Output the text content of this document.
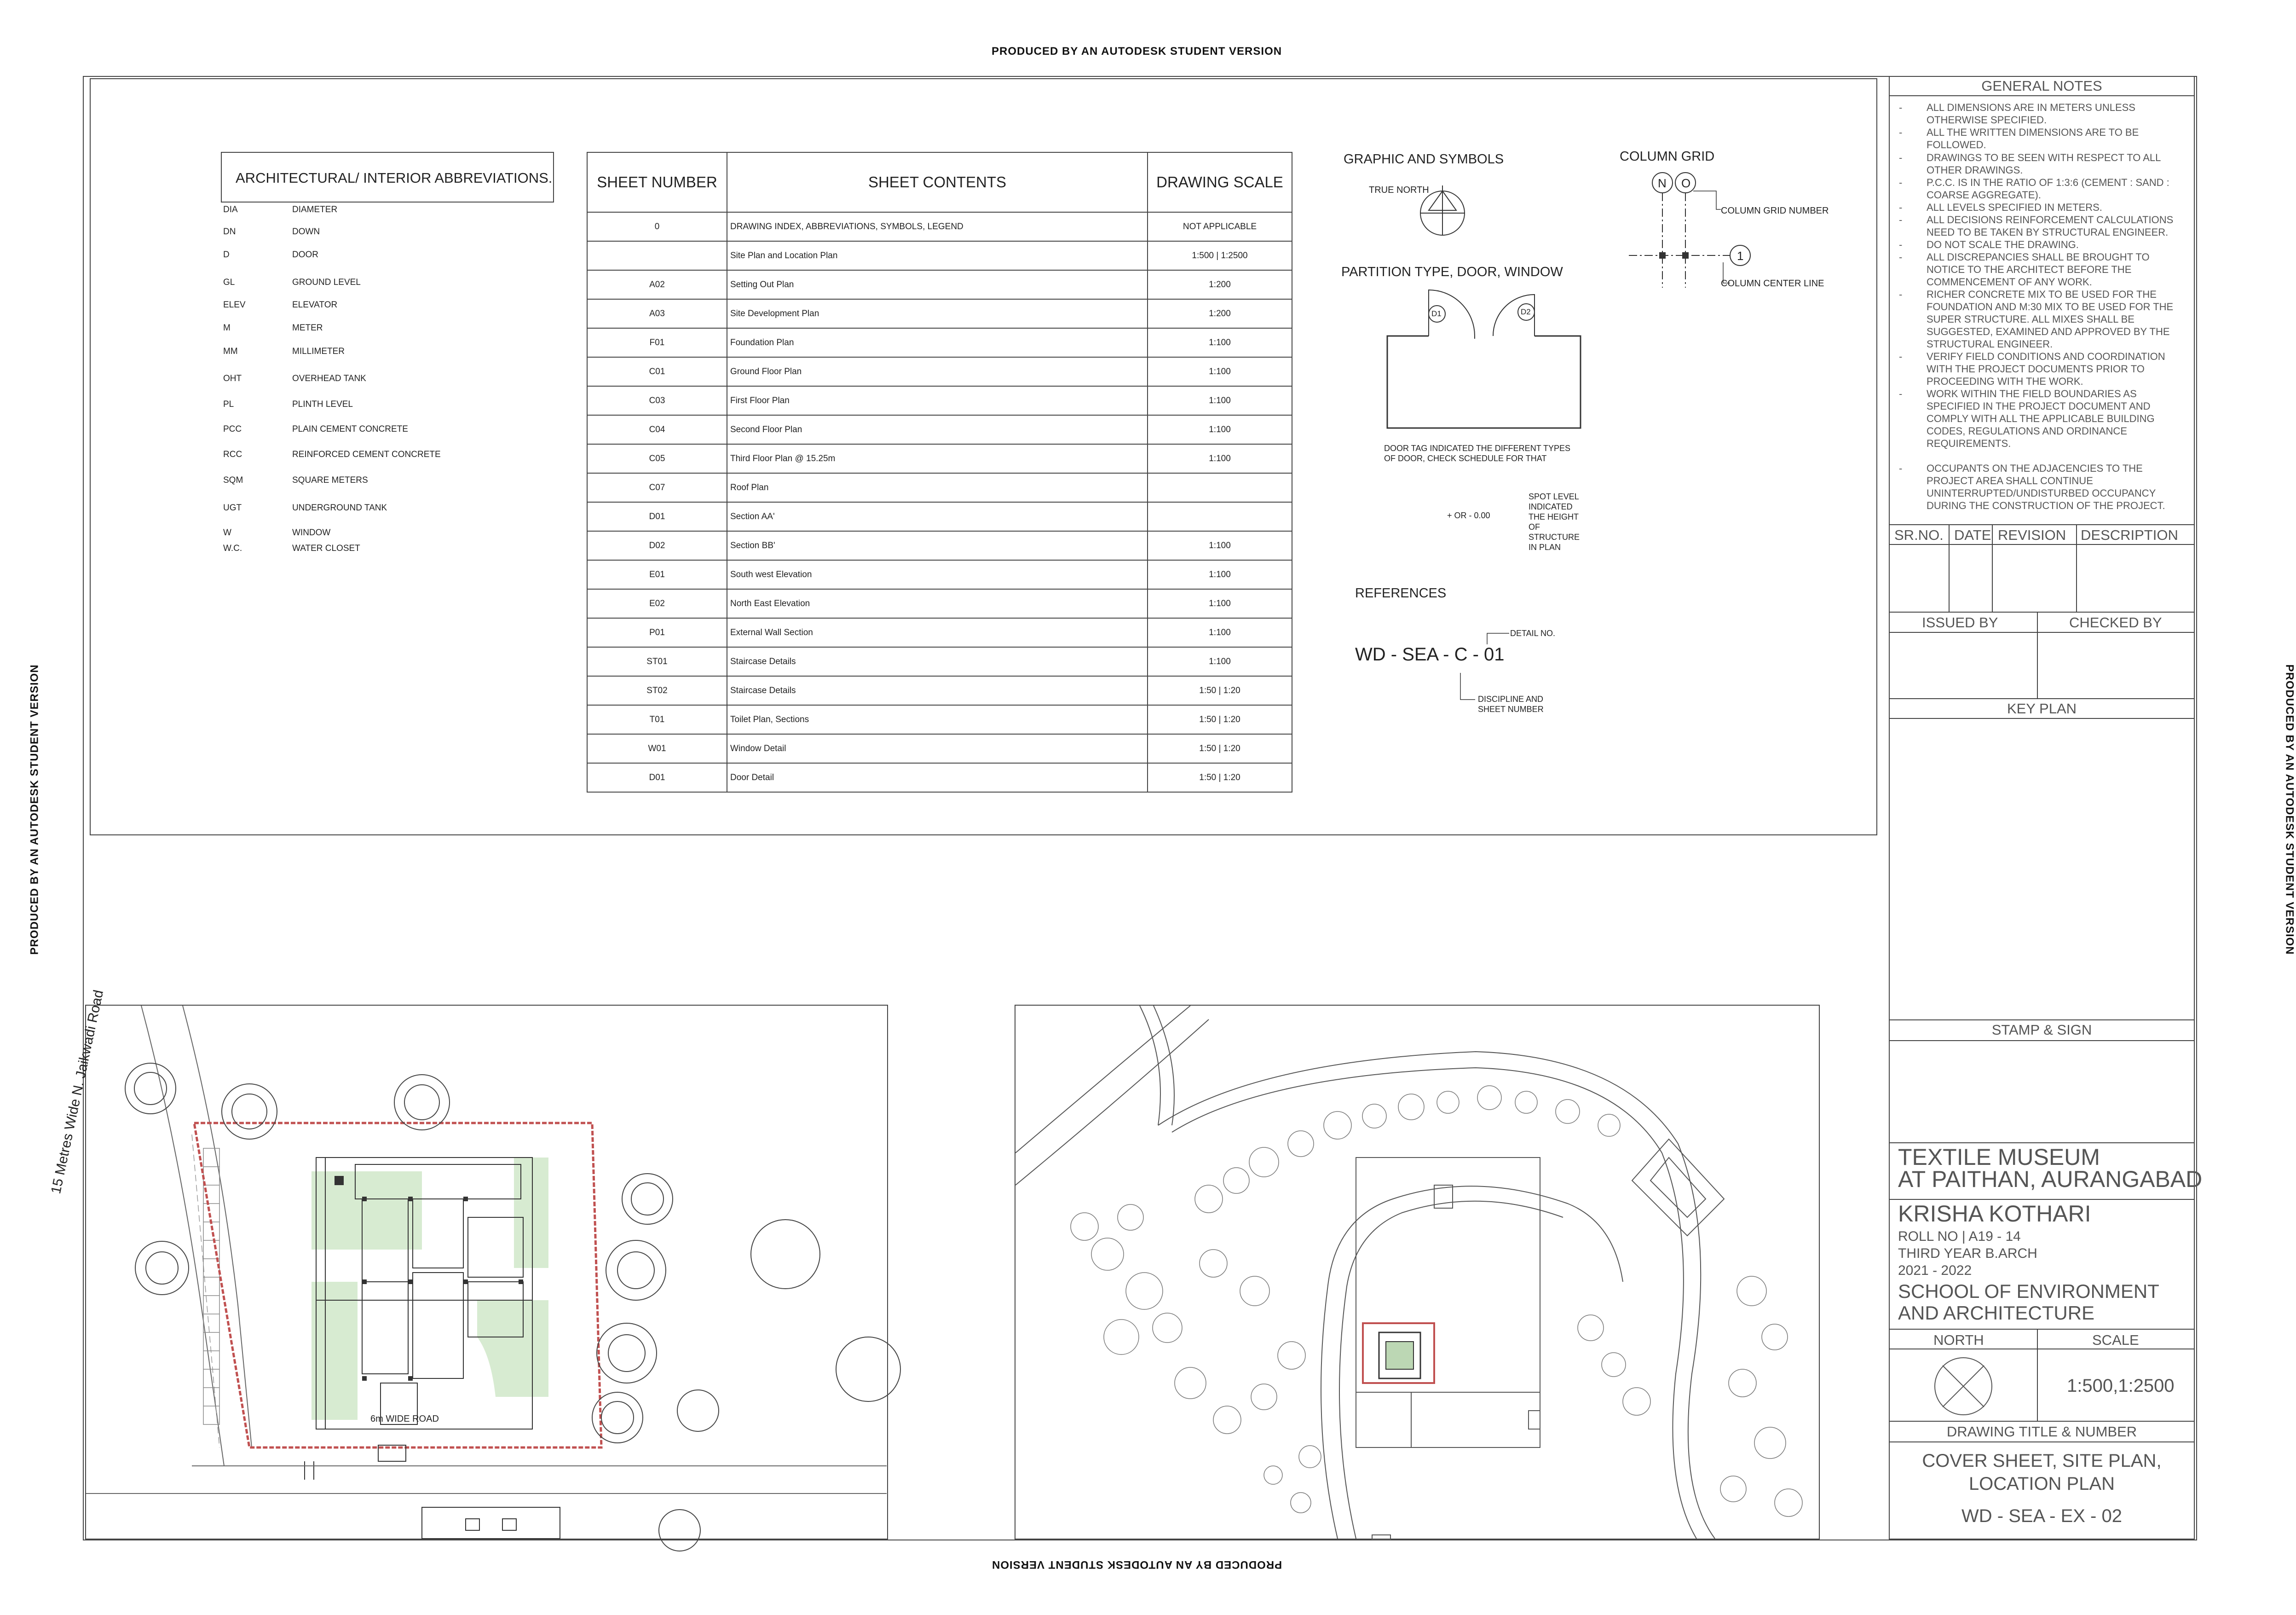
PRODUCED BY AN AUTODESK STUDENT VERSION
PRODUCED BY AN AUTODESK STUDENT VERSION
PRODUCED BY AN AUTODESK STUDENT VERSION	PRODUCED BY AN AUTODESK STUDENT VERSION
ARCHITECTURAL/ INTERIOR ABBREVIATIONS.
DIA	DIAMETER
DN	DOWN
D	DOOR
GL	GROUND LEVEL
ELEV	ELEVATOR
M	METER
MM	MILLIMETER
OHT	OVERHEAD TANK
PL	PLINTH LEVEL
PCC	PLAIN CEMENT CONCRETE
RCC	REINFORCED CEMENT CONCRETE
SQM	SQUARE METERS
UGT	UNDERGROUND TANK
W	WINDOW
W.C.	WATER CLOSET
SHEET NUMBER	SHEET CONTENTS	DRAWING SCALE
0	DRAWING INDEX, ABBREVIATIONS, SYMBOLS, LEGEND	NOT APPLICABLE
	Site Plan and Location Plan	1:500 | 1:2500
A02	Setting Out Plan	1:200
A03	Site Development Plan	1:200
F01	Foundation Plan	1:100
C01	Ground Floor Plan	1:100
C03	First Floor Plan	1:100
C04	Second Floor Plan	1:100
C05	Third Floor Plan @ 15.25m	1:100
C07	Roof Plan	
D01	Section AA'	
D02	Section BB'	1:100
E01	South west Elevation	1:100
E02	North East Elevation	1:100
P01	External Wall Section	1:100
ST01	Staircase Details	1:100
ST02	Staircase Details	1:50 | 1:20
T01	Toilet Plan, Sections	1:50 | 1:20
W01	Window Detail	1:50 | 1:20
D01	Door Detail	1:50 | 1:20
GRAPHIC AND SYMBOLS
TRUE NORTH
COLUMN GRID
N O
1
COLUMN GRID NUMBER
COLUMN CENTER LINE
PARTITION TYPE, DOOR, WINDOW
D1	D2
DOOR TAG INDICATED THE DIFFERENT TYPES
OF DOOR, CHECK SCHEDULE FOR THAT
+ OR - 0.00
SPOT LEVEL
INDICATED
THE HEIGHT
OF
STRUCTURE
IN PLAN
REFERENCES
WD - SEA - C - 01
DETAIL NO.
DISCIPLINE AND
SHEET NUMBER
15 Metres Wide N. Jaikwadi Road
6m WIDE ROAD
GENERAL NOTES
- ALL DIMENSIONS ARE IN METERS UNLESS OTHERWISE SPECIFIED.
- ALL THE WRITTEN DIMENSIONS ARE TO BE FOLLOWED.
- DRAWINGS TO BE SEEN WITH RESPECT TO ALL OTHER DRAWINGS.
- P.C.C. IS IN THE RATIO OF 1:3:6 (CEMENT : SAND : COARSE AGGREGATE).
- ALL LEVELS SPECIFIED IN METERS.
- ALL DECISIONS REINFORCEMENT CALCULATIONS NEED TO BE TAKEN BY STRUCTURAL ENGINEER.
- DO NOT SCALE THE DRAWING.
- ALL DISCREPANCIES SHALL BE BROUGHT TO NOTICE TO THE ARCHITECT BEFORE THE COMMENCEMENT OF ANY WORK.
- RICHER CONCRETE MIX TO BE USED FOR THE FOUNDATION AND M:30 MIX TO BE USED FOR THE SUPER STRUCTURE. ALL MIXES SHALL BE SUGGESTED, EXAMINED AND APPROVED BY THE STRUCTURAL ENGINEER.
- VERIFY FIELD CONDITIONS AND COORDINATION WITH THE PROJECT DOCUMENTS PRIOR TO PROCEEDING WITH THE WORK.
- WORK WITHIN THE FIELD BOUNDARIES AS SPECIFIED IN THE PROJECT DOCUMENT AND COMPLY WITH ALL THE APPLICABLE BUILDING CODES, REGULATIONS AND ORDINANCE REQUIREMENTS.
- OCCUPANTS ON THE ADJACENCIES TO THE PROJECT AREA SHALL CONTINUE UNINTERRUPTED/UNDISTURBED OCCUPANCY DURING THE CONSTRUCTION OF THE PROJECT.
SR.NO. DATE REVISION DESCRIPTION
ISSUED BY	CHECKED BY
KEY PLAN
STAMP & SIGN
TEXTILE MUSEUM
AT PAITHAN, AURANGABAD
KRISHA KOTHARI
ROLL NO | A19 - 14
THIRD YEAR B.ARCH
2021 - 2022
SCHOOL OF ENVIRONMENT
AND ARCHITECTURE
NORTH	SCALE
1:500,1:2500
DRAWING TITLE & NUMBER
COVER SHEET, SITE PLAN,
LOCATION PLAN
WD - SEA - EX - 02
